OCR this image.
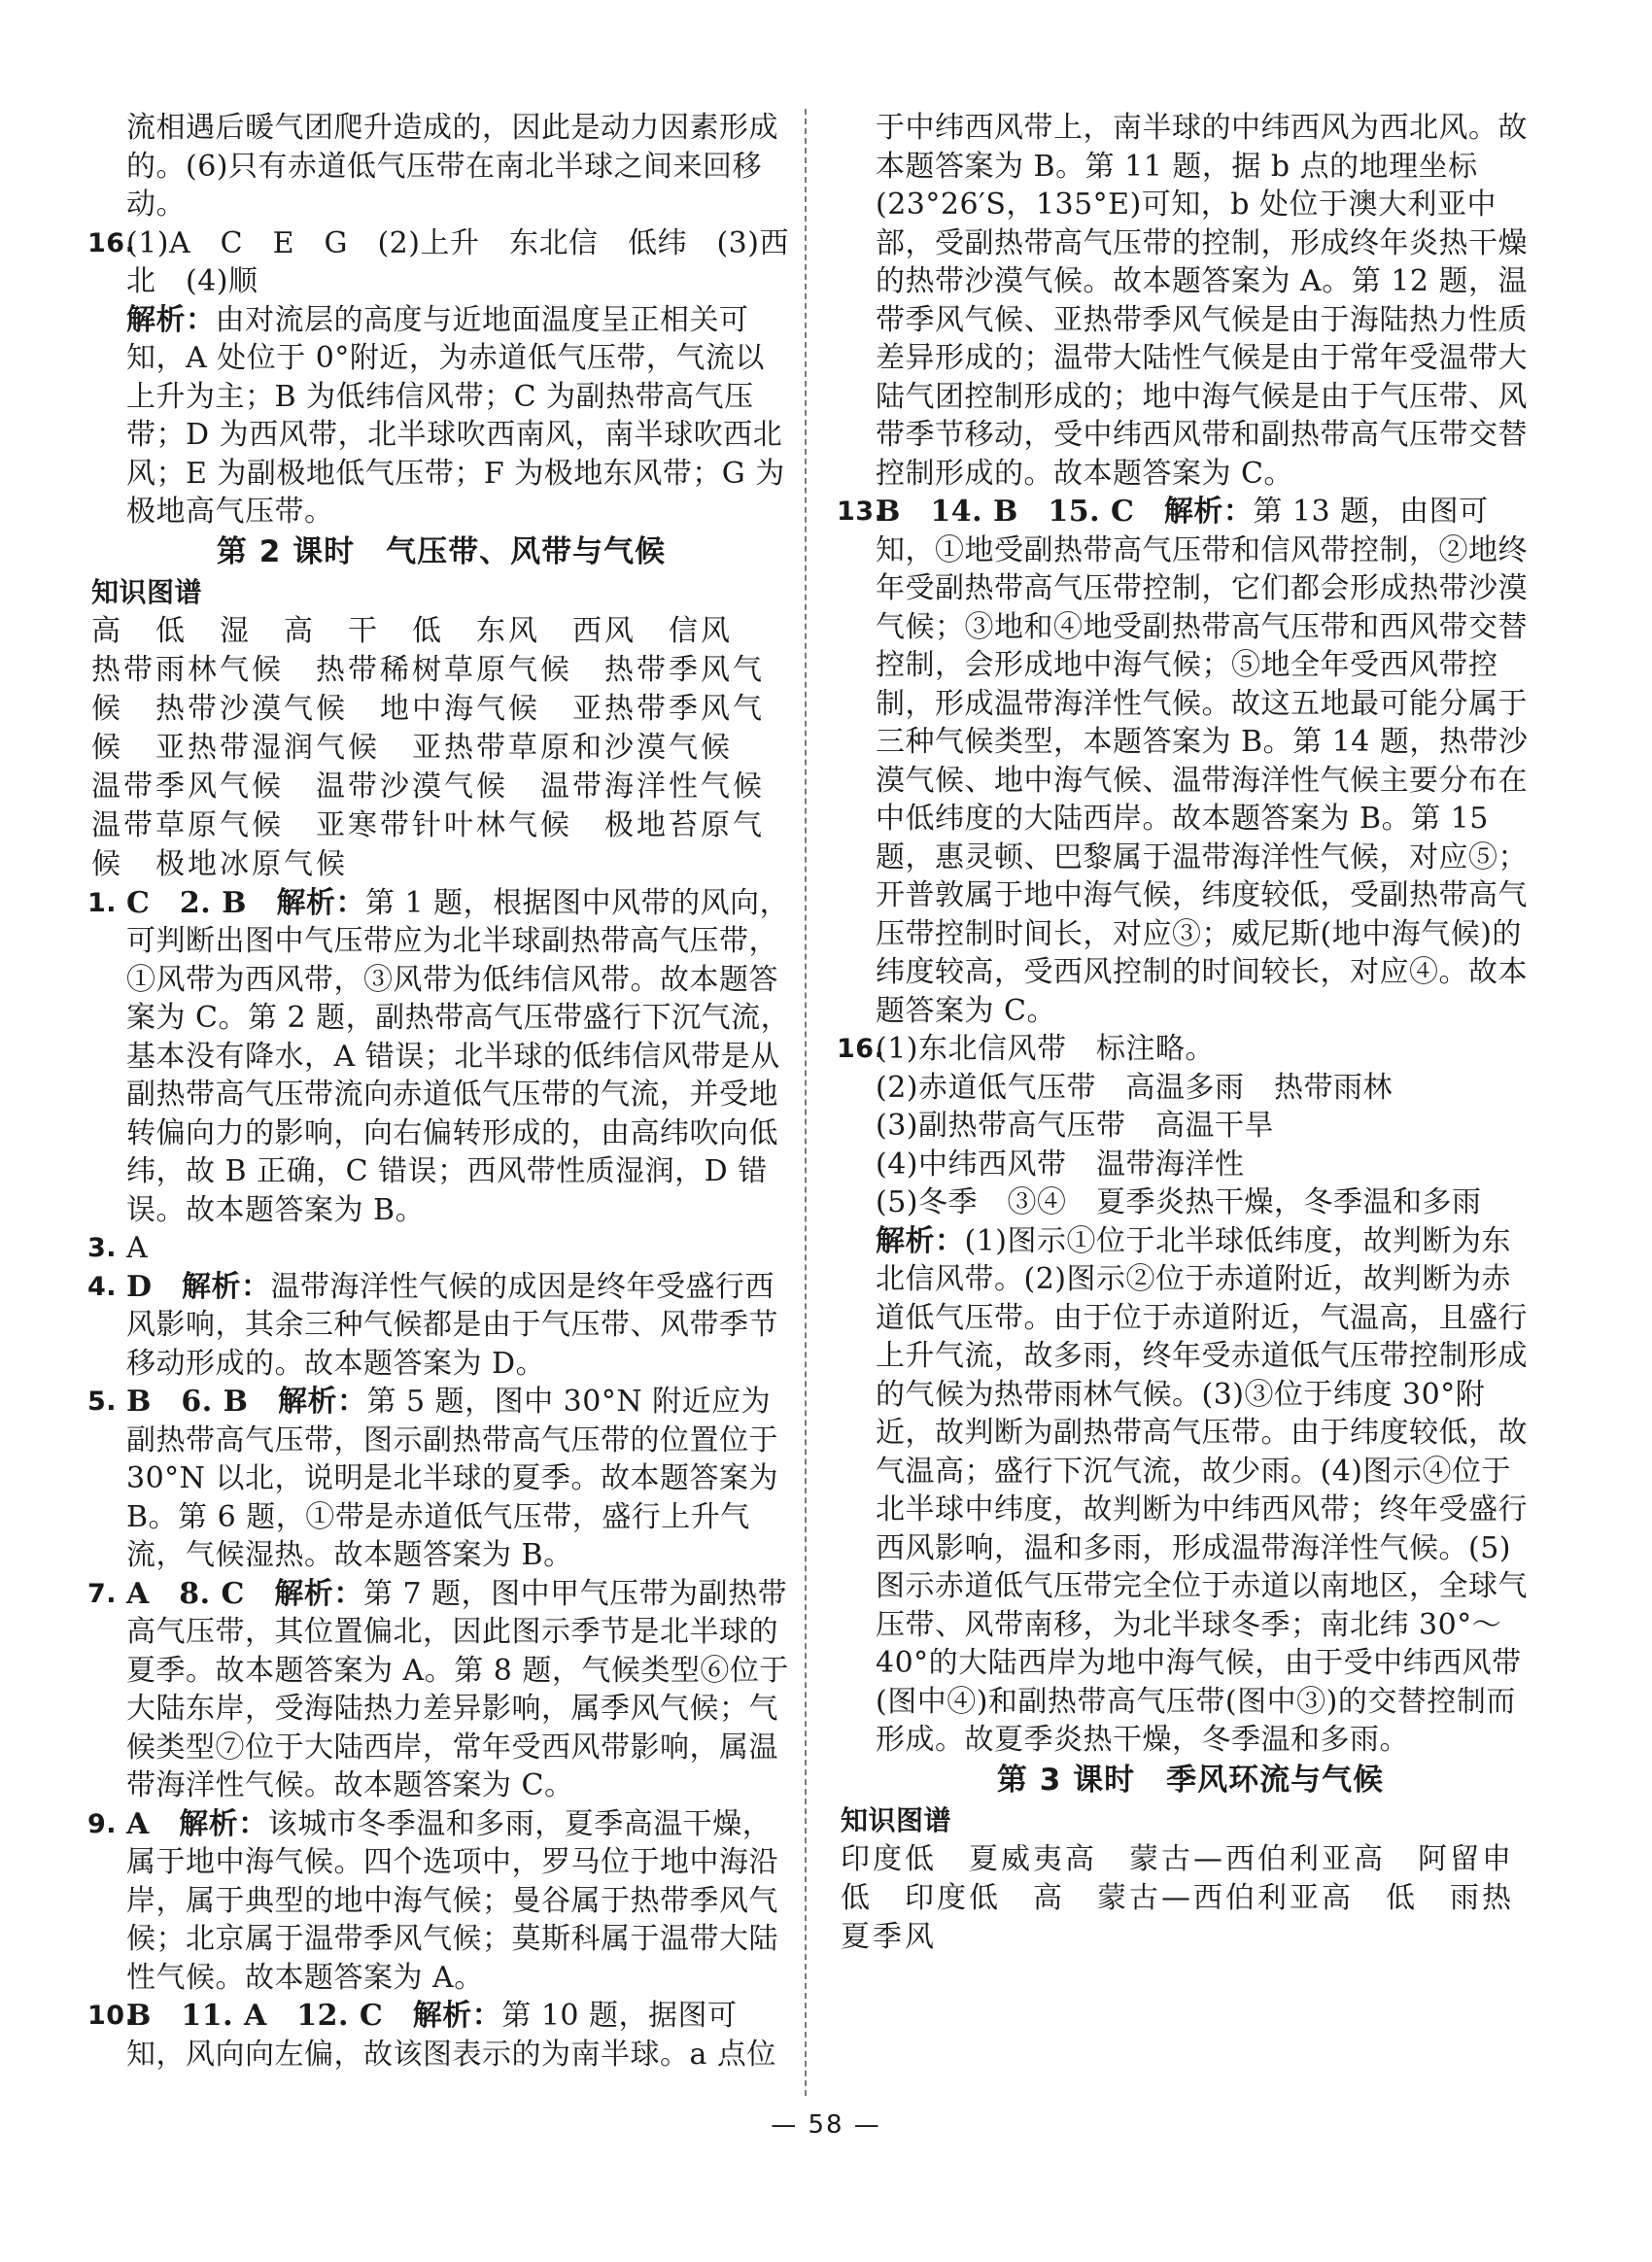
流相遇后暖气团爬升造成的，因此是动力因素形成的。(6)只有赤道低气压带在南北半球之间来回移动。

16.

(1)A　C　E　G　(2)上升　东北信　低纬　(3)西北　(4)顺

解析：由对流层的高度与近地面温度呈正相关可知，A 处位于 0°附近，为赤道低气压带，气流以上升为主；B 为低纬信风带；C 为副热带高气压带；D 为西风带，北半球吹西南风，南半球吹西北风；E 为副极地低气压带；F 为极地东风带；G 为极地高气压带。

第 2 课时　气压带、风带与气候
知识图谱

高　低　湿　高　干　低　东风　西风　信风　热带雨林气候　热带稀树草原气候　热带季风气候　热带沙漠气候　地中海气候　亚热带季风气候　亚热带湿润气候　亚热带草原和沙漠气候　温带季风气候　温带沙漠气候　温带海洋性气候　温带草原气候　亚寒带针叶林气候　极地苔原气候　极地冰原气候

1. C　2. B　解析：第 1 题，根据图中风带的风向，可判断出图中气压带应为北半球副热带高气压带，①风带为西风带，③风带为低纬信风带。故本题答案为 C。第 2 题，副热带高气压带盛行下沉气流，基本没有降水，A 错误；北半球的低纬信风带是从副热带高气压带流向赤道低气压带的气流，并受地转偏向力的影响，向右偏转形成的，由高纬吹向低纬，故 B 正确，C 错误；西风带性质湿润，D 错误。故本题答案为 B。

3. A

4. D　解析：温带海洋性气候的成因是终年受盛行西风影响，其余三种气候都是由于气压带、风带季节移动形成的。故本题答案为 D。

5. B　6. B　解析：第 5 题，图中 30°N 附近应为副热带高气压带，图示副热带高气压带的位置位于 30°N 以北，说明是北半球的夏季。故本题答案为 B。第 6 题，①带是赤道低气压带，盛行上升气流，气候湿热。故本题答案为 B。

7. A　8. C　解析：第 7 题，图中甲气压带为副热带高气压带，其位置偏北，因此图示季节是北半球的夏季。故本题答案为 A。第 8 题，气候类型⑥位于大陆东岸，受海陆热力差异影响，属季风气候；气候类型⑦位于大陆西岸，常年受西风带影响，属温带海洋性气候。故本题答案为 C。

9. A　解析：该城市冬季温和多雨，夏季高温干燥，属于地中海气候。四个选项中，罗马位于地中海沿岸，属于典型的地中海气候；曼谷属于热带季风气候；北京属于温带季风气候；莫斯科属于温带大陆性气候。故本题答案为 A。

10.

B　11. A　12. C　解析：第 10 题，据图可知，风向向左偏，故该图表示的为南半球。a 点位

于中纬西风带上，南半球的中纬西风为西北风。故本题答案为 B。第 11 题，据 b 点的地理坐标(23°26′S，135°E)可知，b 处位于澳大利亚中部，受副热带高气压带的控制，形成终年炎热干燥的热带沙漠气候。故本题答案为 A。第 12 题，温带季风气候、亚热带季风气候是由于海陆热力性质差异形成的；温带大陆性气候是由于常年受温带大陆气团控制形成的；地中海气候是由于气压带、风带季节移动，受中纬西风带和副热带高气压带交替控制形成的。故本题答案为 C。

13.

B　14. B　15. C　解析：第 13 题，由图可知，①地受副热带高气压带和信风带控制，②地终年受副热带高气压带控制，它们都会形成热带沙漠气候；③地和④地受副热带高气压带和西风带交替控制，会形成地中海气候；⑤地全年受西风带控制，形成温带海洋性气候。故这五地最可能分属于三种气候类型，本题答案为 B。第 14 题，热带沙漠气候、地中海气候、温带海洋性气候主要分布在中低纬度的大陆西岸。故本题答案为 B。第 15 题，惠灵顿、巴黎属于温带海洋性气候，对应⑤；开普敦属于地中海气候，纬度较低，受副热带高气压带控制时间长，对应③；威尼斯(地中海气候)的纬度较高，受西风控制的时间较长，对应④。故本题答案为 C。

16.

(1)东北信风带　标注略。

(2)赤道低气压带　高温多雨　热带雨林

(3)副热带高气压带　高温干旱

(4)中纬西风带　温带海洋性

(5)冬季　③④　夏季炎热干燥，冬季温和多雨

解析：(1)图示①位于北半球低纬度，故判断为东北信风带。(2)图示②位于赤道附近，故判断为赤道低气压带。由于位于赤道附近，气温高，且盛行上升气流，故多雨，终年受赤道低气压带控制形成的气候为热带雨林气候。(3)③位于纬度 30°附近，故判断为副热带高气压带。由于纬度较低，故气温高；盛行下沉气流，故少雨。(4)图示④位于北半球中纬度，故判断为中纬西风带；终年受盛行西风影响，温和多雨，形成温带海洋性气候。(5)图示赤道低气压带完全位于赤道以南地区，全球气压带、风带南移，为北半球冬季；南北纬 30°～40°的大陆西岸为地中海气候，由于受中纬西风带(图中④)和副热带高气压带(图中③)的交替控制而形成。故夏季炎热干燥，冬季温和多雨。

第 3 课时　季风环流与气候
知识图谱

印度低　夏威夷高　蒙古—西伯利亚高　阿留申低　印度低　高　蒙古—西伯利亚高　低　雨热　夏季风

— 58 —
